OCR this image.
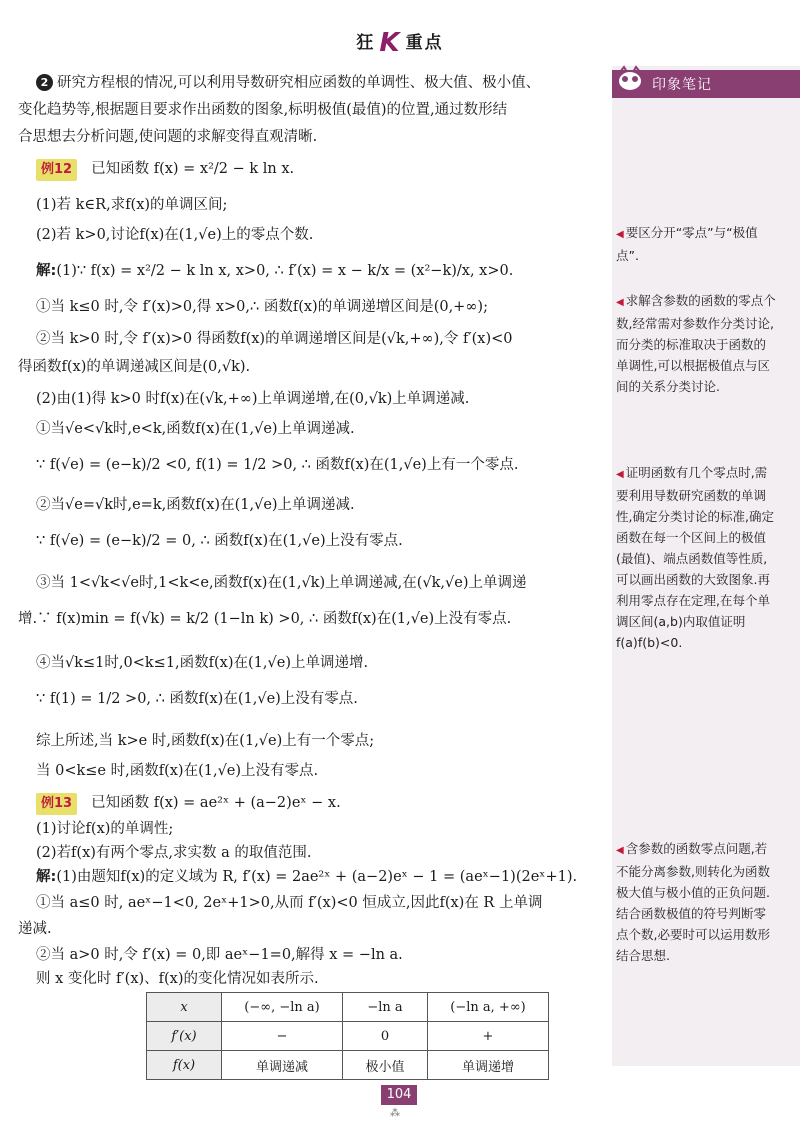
狂 K 重点
印象笔记
◀ 要区分开“零点”与“极值点”.
◀ 求解含参数的函数的零点个数,经常需对参数作分类讨论,而分类的标准取决于函数的单调性,可以根据极值点与区间的关系分类讨论.
◀ 证明函数有几个零点时,需要利用导数研究函数的单调性,确定分类讨论的标准,确定函数在每一个区间上的极值(最值)、端点函数值等性质,可以画出函数的大致图象.再利用零点存在定理,在每个单调区间(a,b)内取值证明f(a)f(b)<0.
◀ 含参数的函数零点问题,若不能分离参数,则转化为函数极大值与极小值的正负问题.结合函数极值的符号判断零点个数,必要时可以运用数形结合思想.
2 研究方程根的情况,可以利用导数研究相应函数的单调性、极大值、极小值、
变化趋势等,根据题目要求作出函数的图象,标明极值(最值)的位置,通过数形结
合思想去分析问题,使问题的求解变得直观清晰.
例12 已知函数 f(x) = x²/2 − k ln x.
(1)若 k∈R,求f(x)的单调区间;
(2)若 k>0,讨论f(x)在(1,√e)上的零点个数.
解:(1)∵ f(x) = x²/2 − k ln x, x>0, ∴ f′(x) = x − k/x = (x²−k)/x, x>0.
①当 k≤0 时,令 f′(x)>0,得 x>0,∴ 函数f(x)的单调递增区间是(0,+∞);
②当 k>0 时,令 f′(x)>0 得函数f(x)的单调递增区间是(√k,+∞),令 f′(x)<0
得函数f(x)的单调递减区间是(0,√k).
(2)由(1)得 k>0 时f(x)在(√k,+∞)上单调递增,在(0,√k)上单调递减.
①当√e<√k时,e<k,函数f(x)在(1,√e)上单调递减.
∵ f(√e) = (e−k)/2 <0, f(1) = 1/2 >0, ∴ 函数f(x)在(1,√e)上有一个零点.
②当√e=√k时,e=k,函数f(x)在(1,√e)上单调递减.
∵ f(√e) = (e−k)/2 = 0, ∴ 函数f(x)在(1,√e)上没有零点.
③当 1<√k<√e时,1<k<e,函数f(x)在(1,√k)上单调递减,在(√k,√e)上单调递
增.∵ f(x)min = f(√k) = k/2 (1−ln k) >0, ∴ 函数f(x)在(1,√e)上没有零点.
④当√k≤1时,0<k≤1,函数f(x)在(1,√e)上单调递增.
∵ f(1) = 1/2 >0, ∴ 函数f(x)在(1,√e)上没有零点.
综上所述,当 k>e 时,函数f(x)在(1,√e)上有一个零点;
当 0<k≤e 时,函数f(x)在(1,√e)上没有零点.
例13 已知函数 f(x) = ae²ˣ + (a−2)eˣ − x.
(1)讨论f(x)的单调性;
(2)若f(x)有两个零点,求实数 a 的取值范围.
解:(1)由题知f(x)的定义域为 R, f′(x) = 2ae²ˣ + (a−2)eˣ − 1 = (aeˣ−1)(2eˣ+1).
①当 a≤0 时, aeˣ−1<0, 2eˣ+1>0,从而 f′(x)<0 恒成立,因此f(x)在 R 上单调
递减.
②当 a>0 时,令 f′(x) = 0,即 aeˣ−1=0,解得 x = −ln a.
则 x 变化时 f′(x)、f(x)的变化情况如表所示.
x	(−∞, −ln a)	−ln a	(−ln a, +∞)
f′(x)	−	0	+
f(x)	单调递减	极小值	单调递增
104
⁂
